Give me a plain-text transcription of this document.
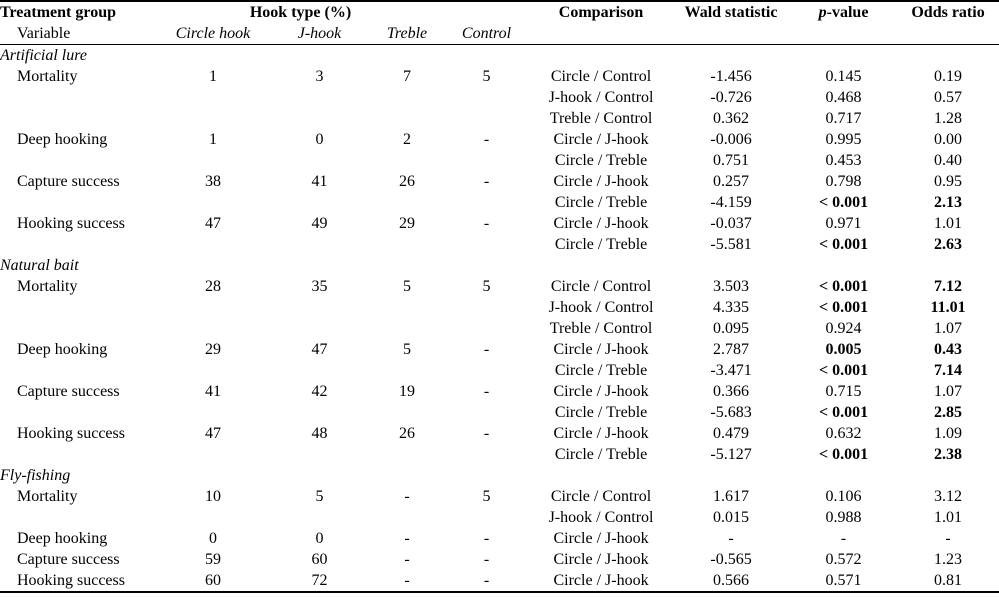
Treatment group	Hook type (%)				Comparison	Wald statistic	p-value	Odds ratio
Variable	Circle hook	J-hook	Treble	Control				
Artificial lure								
Mortality	1	3	7	5	Circle / Control	-1.456	0.145	0.19
					J-hook / Control	-0.726	0.468	0.57
					Treble / Control	0.362	0.717	1.28
Deep hooking	1	0	2	-	Circle / J-hook	-0.006	0.995	0.00
					Circle / Treble	0.751	0.453	0.40
Capture success	38	41	26	-	Circle / J-hook	0.257	0.798	0.95
					Circle / Treble	-4.159	< 0.001	2.13
Hooking success	47	49	29	-	Circle / J-hook	-0.037	0.971	1.01
					Circle / Treble	-5.581	< 0.001	2.63
Natural bait								
Mortality	28	35	5	5	Circle / Control	3.503	< 0.001	7.12
					J-hook / Control	4.335	< 0.001	11.01
					Treble / Control	0.095	0.924	1.07
Deep hooking	29	47	5	-	Circle / J-hook	2.787	0.005	0.43
					Circle / Treble	-3.471	< 0.001	7.14
Capture success	41	42	19	-	Circle / J-hook	0.366	0.715	1.07
					Circle / Treble	-5.683	< 0.001	2.85
Hooking success	47	48	26	-	Circle / J-hook	0.479	0.632	1.09
					Circle / Treble	-5.127	< 0.001	2.38
Fly-fishing								
Mortality	10	5	-	5	Circle / Control	1.617	0.106	3.12
					J-hook / Control	0.015	0.988	1.01
Deep hooking	0	0	-	-	Circle / J-hook	-	-	-
Capture success	59	60	-	-	Circle / J-hook	-0.565	0.572	1.23
Hooking success	60	72	-	-	Circle / J-hook	0.566	0.571	0.81
